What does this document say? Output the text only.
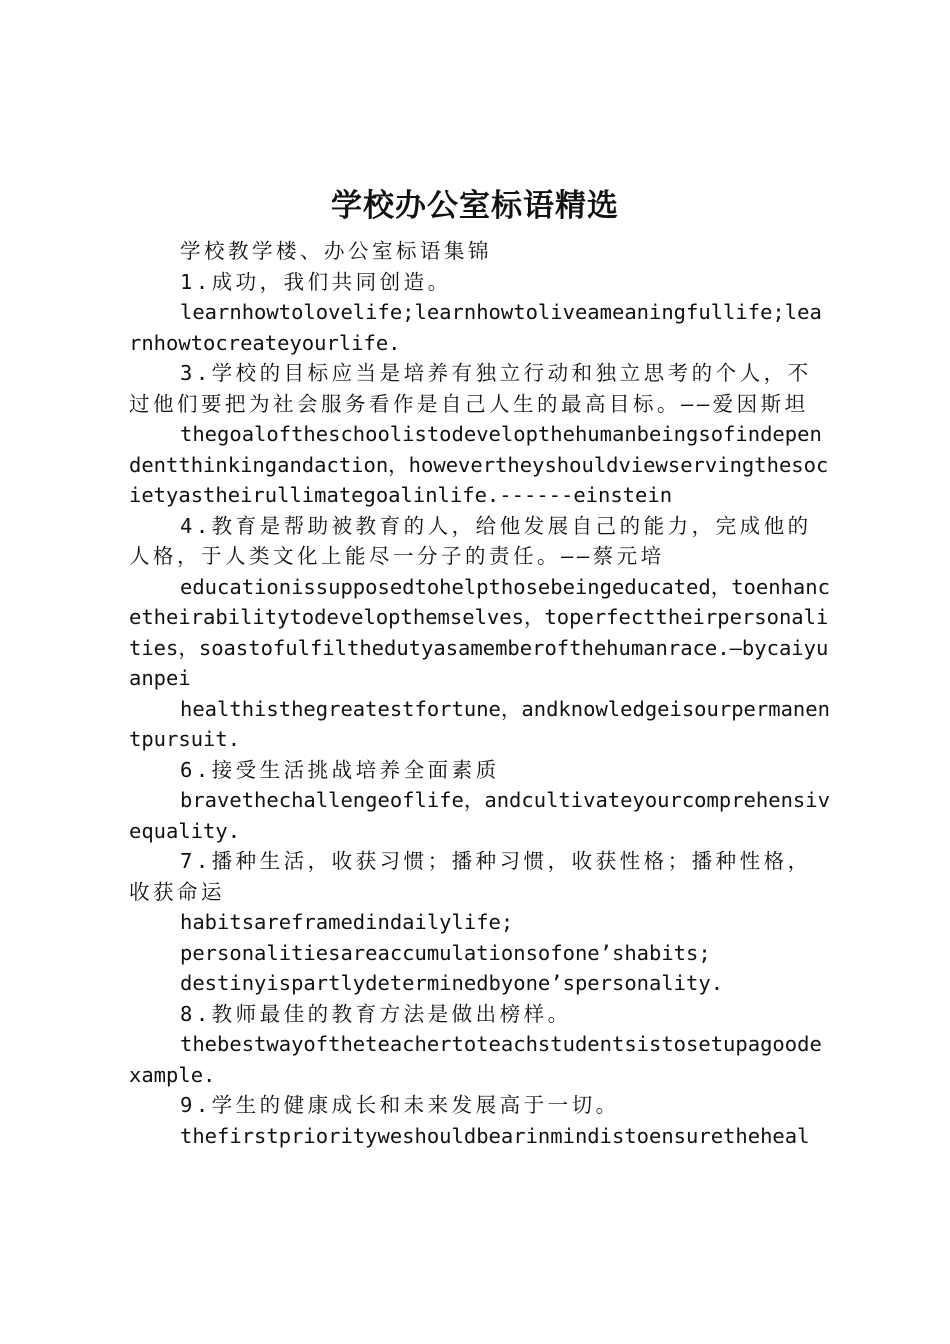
学校办公室标语精选

学校教学楼、办公室标语集锦

1.成功，我们共同创造。

learnhowtolovelife;learnhowtoliveameaningfullife;learnhowtocreateyourlife.

3.学校的目标应当是培养有独立行动和独立思考的个人，不过他们要把为社会服务看作是自己人生的最高目标。——爱因斯坦

thegoaloftheschoolistodevelopthehumanbeingsofindependentthinkingandaction，howevertheyshouldviewservingthesocietyastheirullimategoalinlife.------einstein

4.教育是帮助被教育的人，给他发展自己的能力，完成他的人格，于人类文化上能尽一分子的责任。——蔡元培

educationissupposedtohelpthosebeingeducated，toenhancetheirabilitytodevelopthemselves，toperfecttheirpersonalities，soastofulfilthedutyasamemberofthehumanrace.—bycaiyuanpei

healthisthegreatestfortune，andknowledgeisourpermanentpursuit.

6.接受生活挑战培养全面素质

bravethechallengeoflife，andcultivateyourcomprehensivequality.

7.播种生活，收获习惯；播种习惯，收获性格；播种性格，收获命运

habitsareframedindailylife;

personalitiesareaccumulationsofone’shabits;

destinyispartlydeterminedbyone’spersonality.

8.教师最佳的教育方法是做出榜样。

thebestwayoftheteachertoteachstudentsistosetupagoodexample.

9.学生的健康成长和未来发展高于一切。

thefirstpriorityweshouldbearinmindistoensuretheheal
